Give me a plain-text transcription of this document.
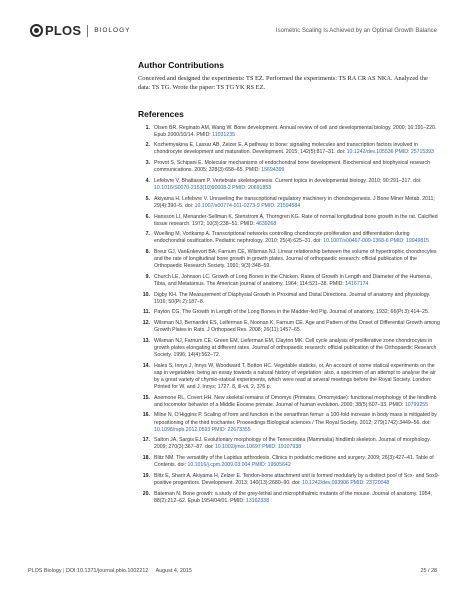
PLOS BIOLOGY	Isometric Scaling Is Achieved by an Optimal Growth Balance
Author Contributions

Conceived and designed the experiments: TS EZ. Performed the experiments: TS RA CR AS NKA. Analyzed the data: TS TG. Wrote the paper: TS TG YK RS EZ.

References
1. Olsen BR, Reginato AM, Wang W. Bone development. Annual review of cell and developmental biology. 2000; 16:191–220. Epub 2000/10/14. PMID: 11031235
2. Kozhemyakina E, Lassar AB, Zelzer E. A pathway to bone: signaling molecules and transcription factors involved in chondrocyte development and maturation. Development. 2015; 142(5):817–31. doi: 10.1242/dev.105536 PMID: 25715393
3. Provot S, Schipani E. Molecular mechanisms of endochondral bone development. Biochemical and biophysical research communications. 2005; 328(3):658–65. PMID: 15694399
4. Lefebvre V, Bhattaram P. Vertebrate skeletogenesis. Current topics in developmental biology. 2010; 90:291–317. doi: 10.1016/S0070-2153(10)90008-2 PMID: 20691853
5. Akiyama H, Lefebvre V. Unraveling the transcriptional regulatory machinery in chondrogenesis. J Bone Miner Metab. 2011; 29(4):390–5. doi: 10.1007/s00774-011-0273-9 PMID: 21594584
6. Hansson LI, Menander-Sellman K, Stenstrom A, Thorngren KG. Rate of normal longitudinal bone growth in the rat. Calcified tissue research. 1972; 10(3):238–51. PMID: 4639268
7. Wuelling M, Vortkamp A. Transcriptional networks controlling chondrocyte proliferation and differentiation during endochondral ossification. Pediatric nephrology. 2010; 25(4):625–31. doi: 10.1007/s00467-009-1368-6 PMID: 19949815
8. Breur GJ, VanEnkevort BA, Farnum CE, Wilsman NJ. Linear relationship between the volume of hypertrophic chondrocytes and the rate of longitudinal bone growth in growth plates. Journal of orthopaedic research: official publication of the Orthopaedic Research Society. 1991; 9(3):348–59.
9. Church LE, Johnson LC. Growth of Long Bones in the Chicken. Rates of Growth in Length and Diameter of the Humerus, Tibia, and Metatarsus. The American journal of anatomy. 1964; 114:521–38. PMID: 14167174
10. Digby KH. The Measurement of Diaphysial Growth in Proximal and Distal Directions. Journal of anatomy and physiology. 1916; 50(Pt 2):187–8.
11. Payton CG. The Growth in Length of the Long Bones in the Madder-fed Pig. Journal of anatomy. 1932; 66(Pt 3):414–25.
12. Wilsman NJ, Bernardini ES, Leiferman E, Noonan K, Farnum CE. Age and Pattern of the Onset of Differential Growth among Growth Plates in Rats. J Orthopaed Res. 2008; 26(11):1457–65.
13. Wilsman NJ, Farnum CE, Green EM, Lieferman EM, Clayton MK. Cell cycle analysis of proliferative zone chondrocytes in growth plates elongating at different rates. Journal of orthopaedic research: official publication of the Orthopaedic Research Society. 1996; 14(4):562–72.
14. Hales S, Innys J, Innys W, Woodward T, Botton HC. Vegetable staticks, or, An account of some statical experiments on the sap in vegetables: being an essay towards a natural history of vegetation: also, a specimen of an attempt to analyse the air by a great variety of chymio-statical experiments, which were read at several meetings before the Royal Society. London: Printed for W. and J. Innys; 1727. 8, ill-vii, 2, 376 p.
15. Anemone RL, Covert HH. New skeletal remains of Omomys (Primates, Omomyidae): functional morphology of the hindlimb and locomotor behavior of a Middle Eocene primate. Journal of human evolution. 2000; 38(5):607–33. PMID: 10799255
16. Milne N, O'Higgins P. Scaling of form and function in the xenarthran femur: a 100-fold increase in body mass is mitigated by repositioning of the third trochanter. Proceedings Biological sciences / The Royal Society. 2012; 279(1742):3449–56. doi: 10.1098/rspb.2012.0593 PMID: 22673355
17. Salton JA, Sargis EJ. Evolutionary morphology of the Tenrecoidea (Mammalia) hindlimb skeleton. Journal of morphology. 2009; 270(3):367–87. doi: 10.1002/jmor.10697 PMID: 19107938
18. Blitz NM. The versatility of the Lapidus arthrodesis. Clinics in podiatric medicine and surgery. 2009; 26(3):427–41, Table of Contents. doi: 10.1016/j.cpm.2009.03.004 PMID: 19505642
19. Blitz E, Sharir A, Akiyama H, Zelzer E. Tendon-bone attachment unit is formed modularly by a distinct pool of Scx- and Sox9-positive progenitors. Development. 2013; 140(13):2680–90. doi: 10.1242/dev.093906 PMID: 23720048
20. Bateman N. Bone growth: a study of the grey-lethal and microphthalmic mutants of the mouse. Journal of anatomy. 1954; 88(2):212–62. Epub 1954/04/01. PMID: 13162338
PLOS Biology | DOI:10.1371/journal.pbio.1002212 August 4, 2015	25 / 28
